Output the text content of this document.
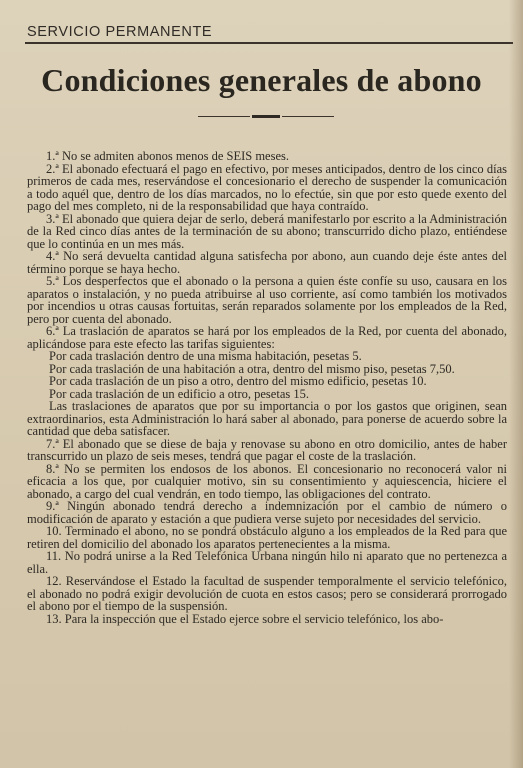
SERVICIO PERMANENTE
Condiciones generales de abono

1.ª No se admiten abonos menos de SEIS meses.

2.ª El abonado efectuará el pago en efectivo, por meses anticipados, dentro de los cinco días primeros de cada mes, reservándose el concesionario el derecho de suspender la comunicación a todo aquél que, dentro de los días marcados, no lo efectúe, sin que por esto quede exento del pago del mes completo, ni de la responsabilidad que haya contraído.

3.ª El abonado que quiera dejar de serlo, deberá manifestarlo por escrito a la Administración de la Red cinco días antes de la terminación de su abono; transcurrido dicho plazo, entiéndese que lo continúa en un mes más.

4.ª No será devuelta cantidad alguna satisfecha por abono, aun cuando deje éste antes del término porque se haya hecho.

5.ª Los desperfectos que el abonado o la persona a quien éste confíe su uso, causara en los aparatos o instalación, y no pueda atribuirse al uso corriente, así como también los motivados por incendios u otras causas fortuitas, serán reparados solamente por los empleados de la Red, pero por cuenta del abonado.

6.ª La traslación de aparatos se hará por los empleados de la Red, por cuenta del abonado, aplicándose para este efecto las tarifas siguientes:

Por cada traslación dentro de una misma habitación, pesetas 5.

Por cada traslación de una habitación a otra, dentro del mismo piso, pesetas 7,50.

Por cada traslación de un piso a otro, dentro del mismo edificio, pesetas 10.

Por cada traslación de un edificio a otro, pesetas 15.

Las traslaciones de aparatos que por su importancia o por los gastos que originen, sean extraordinarios, esta Administración lo hará saber al abonado, para ponerse de acuerdo sobre la cantidad que deba satisfacer.

7.ª El abonado que se diese de baja y renovase su abono en otro domicilio, antes de haber transcurrido un plazo de seis meses, tendrá que pagar el coste de la traslación.

8.ª No se permiten los endosos de los abonos. El concesionario no reconocerá valor ni eficacia a los que, por cualquier motivo, sin su consentimiento y aquiescencia, hiciere el abonado, a cargo del cual vendrán, en todo tiempo, las obligaciones del contrato.

9.ª Ningún abonado tendrá derecho a indemnización por el cambio de número o modificación de aparato y estación a que pudiera verse sujeto por necesidades del servicio.

10. Terminado el abono, no se pondrá obstáculo alguno a los empleados de la Red para que retiren del domicilio del abonado los aparatos pertenecientes a la misma.

11. No podrá unirse a la Red Telefónica Urbana ningún hilo ni aparato que no pertenezca a ella.

12. Reservándose el Estado la facultad de suspender temporalmente el servicio telefónico, el abonado no podrá exigir devolución de cuota en estos casos; pero se considerará prorrogado el abono por el tiempo de la suspensión.

13. Para la inspección que el Estado ejerce sobre el servicio telefónico, los abo-
